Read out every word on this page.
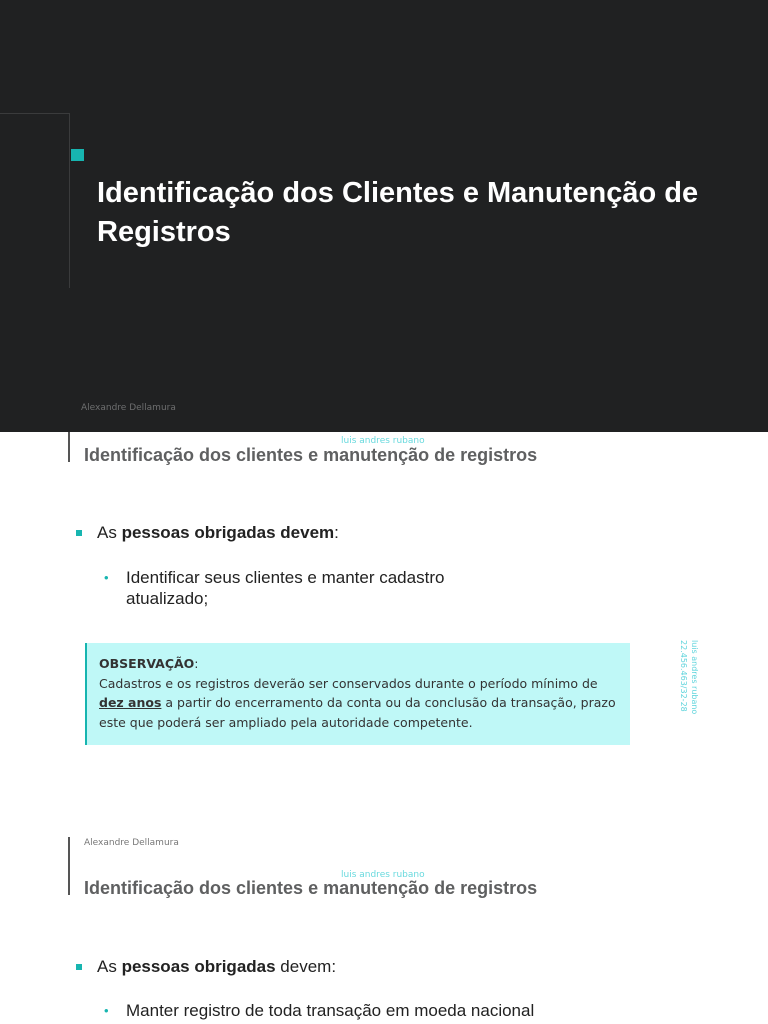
Identificação dos Clientes e Manutenção de Registros
Alexandre Dellamura
luis andres rubano
Identificação dos clientes e manutenção de registros
As pessoas obrigadas devem:
•	Identificar seus clientes e manter cadastro atualizado;
OBSERVAÇÃO:
Cadastros e os registros deverão ser conservados durante o período mínimo de dez anos a partir do encerramento da conta ou da conclusão da transação, prazo este que poderá ser ampliado pela autoridade competente.
luis andres rubano
22.456.463/32-28
Alexandre Dellamura
luis andres rubano
Identificação dos clientes e manutenção de registros
As pessoas obrigadas devem:
•	Manter registro de toda transação em moeda nacional
